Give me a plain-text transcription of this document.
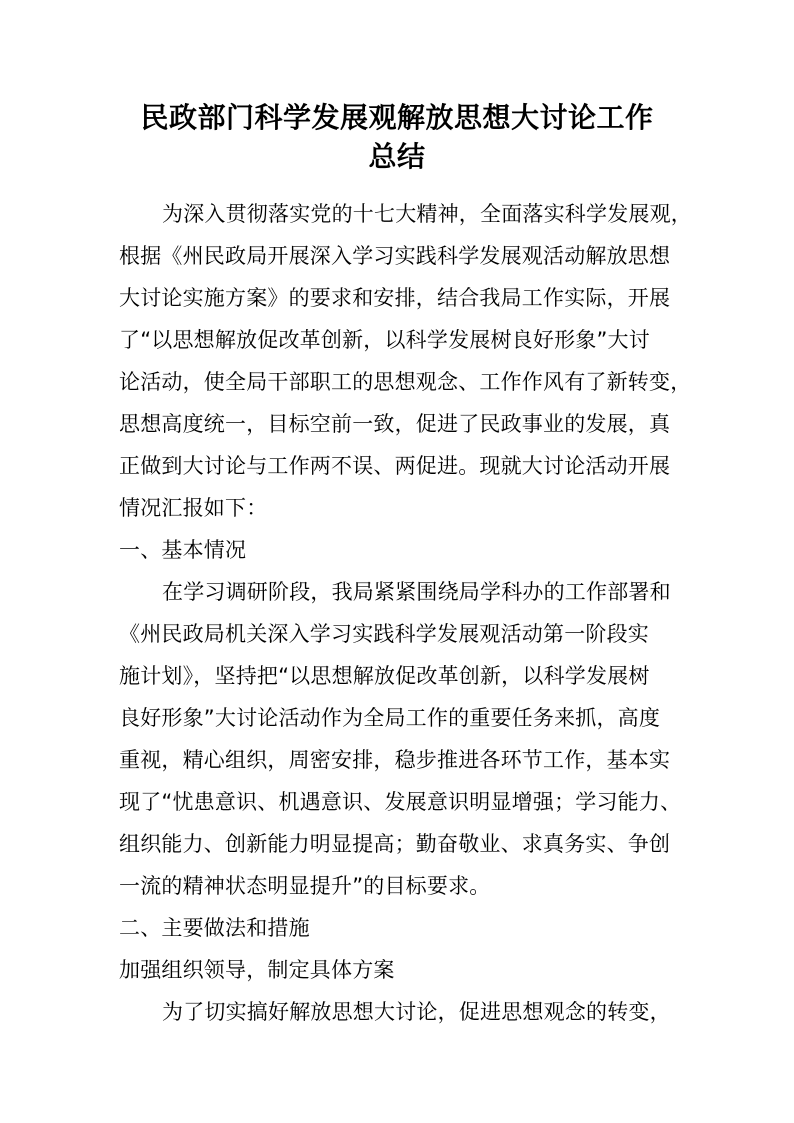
民政部门科学发展观解放思想大讨论工作
总结
为深入贯彻落实党的十七大精神，全面落实科学发展观，
根据《州民政局开展深入学习实践科学发展观活动解放思想
大讨论实施方案》的要求和安排，结合我局工作实际，开展
了“以思想解放促改革创新，以科学发展树良好形象”大讨
论活动，使全局干部职工的思想观念、工作作风有了新转变，
思想高度统一，目标空前一致，促进了民政事业的发展，真
正做到大讨论与工作两不误、两促进。现就大讨论活动开展
情况汇报如下：
一、基本情况
在学习调研阶段，我局紧紧围绕局学科办的工作部署和
《州民政局机关深入学习实践科学发展观活动第一阶段实
施计划》，坚持把“以思想解放促改革创新，以科学发展树
良好形象”大讨论活动作为全局工作的重要任务来抓，高度
重视，精心组织，周密安排，稳步推进各环节工作，基本实
现了“忧患意识、机遇意识、发展意识明显增强；学习能力、
组织能力、创新能力明显提高；勤奋敬业、求真务实、争创
一流的精神状态明显提升”的目标要求。
二、主要做法和措施
加强组织领导，制定具体方案
为了切实搞好解放思想大讨论，促进思想观念的转变，
